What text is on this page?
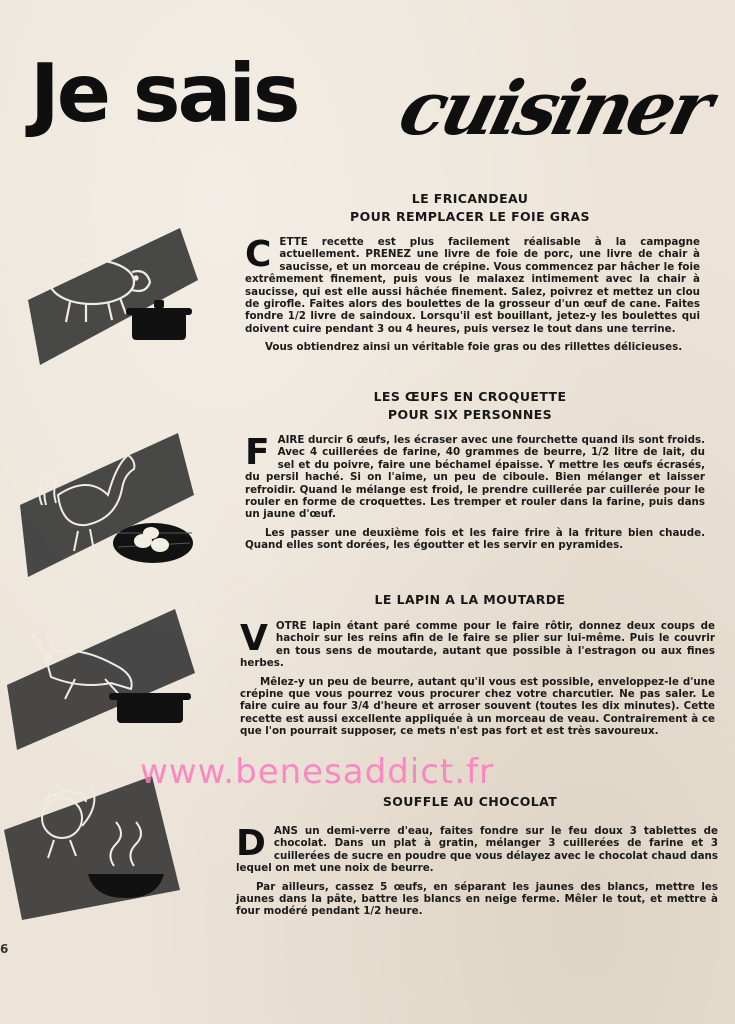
Je sais cuisiner
LE FRICANDEAU
POUR REMPLACER LE FOIE GRAS

CETTE recette est plus facilement réalisable à la campagne actuellement. PRENEZ une livre de foie de porc, une livre de chair à saucisse, et un morceau de crépine. Vous commencez par hâcher le foie extrêmement finement, puis vous le malaxez intimement avec la chair à saucisse, qui est elle aussi hâchée finement. Salez, poivrez et mettez un clou de girofle. Faites alors des boulettes de la grosseur d'un œuf de cane. Faites fondre 1/2 livre de saindoux. Lorsqu'il est bouillant, jetez-y les boulettes qui doivent cuire pendant 3 ou 4 heures, puis versez le tout dans une terrine.

Vous obtiendrez ainsi un véritable foie gras ou des rillettes délicieuses.

LES ŒUFS EN CROQUETTE
POUR SIX PERSONNES

FAIRE durcir 6 œufs, les écraser avec une fourchette quand ils sont froids. Avec 4 cuillerées de farine, 40 grammes de beurre, 1/2 litre de lait, du sel et du poivre, faire une béchamel épaisse. Y mettre les œufs écrasés, du persil haché. Si on l'aime, un peu de ciboule. Bien mélanger et laisser refroidir. Quand le mélange est froid, le prendre cuillerée par cuillerée pour le rouler en forme de croquettes. Les tremper et rouler dans la farine, puis dans un jaune d'œuf.

Les passer une deuxième fois et les faire frire à la friture bien chaude. Quand elles sont dorées, les égoutter et les servir en pyramides.

LE LAPIN A LA MOUTARDE

VOTRE lapin étant paré comme pour le faire rôtir, donnez deux coups de hachoir sur les reins afin de le faire se plier sur lui-même. Puis le couvrir en tous sens de moutarde, autant que possible à l'estragon ou aux fines herbes.

Mêlez-y un peu de beurre, autant qu'il vous est possible, enveloppez-le d'une crépine que vous pourrez vous procurer chez votre charcutier. Ne pas saler. Le faire cuire au four 3/4 d'heure et arroser souvent (toutes les dix minutes). Cette recette est aussi excellente appliquée à un morceau de veau. Contrairement à ce que l'on pourrait supposer, ce mets n'est pas fort et est très savoureux.

SOUFFLE AU CHOCOLAT

DANS un demi-verre d'eau, faites fondre sur le feu doux 3 tablettes de chocolat. Dans un plat à gratin, mélanger 3 cuillerées de farine et 3 cuillerées de sucre en poudre que vous délayez avec le chocolat chaud dans lequel on met une noix de beurre.

Par ailleurs, cassez 5 œufs, en séparant les jaunes des blancs, mettre les jaunes dans la pâte, battre les blancs en neige ferme. Mêler le tout, et mettre à four modéré pendant 1/2 heure.

www.benesaddict.fr
6
